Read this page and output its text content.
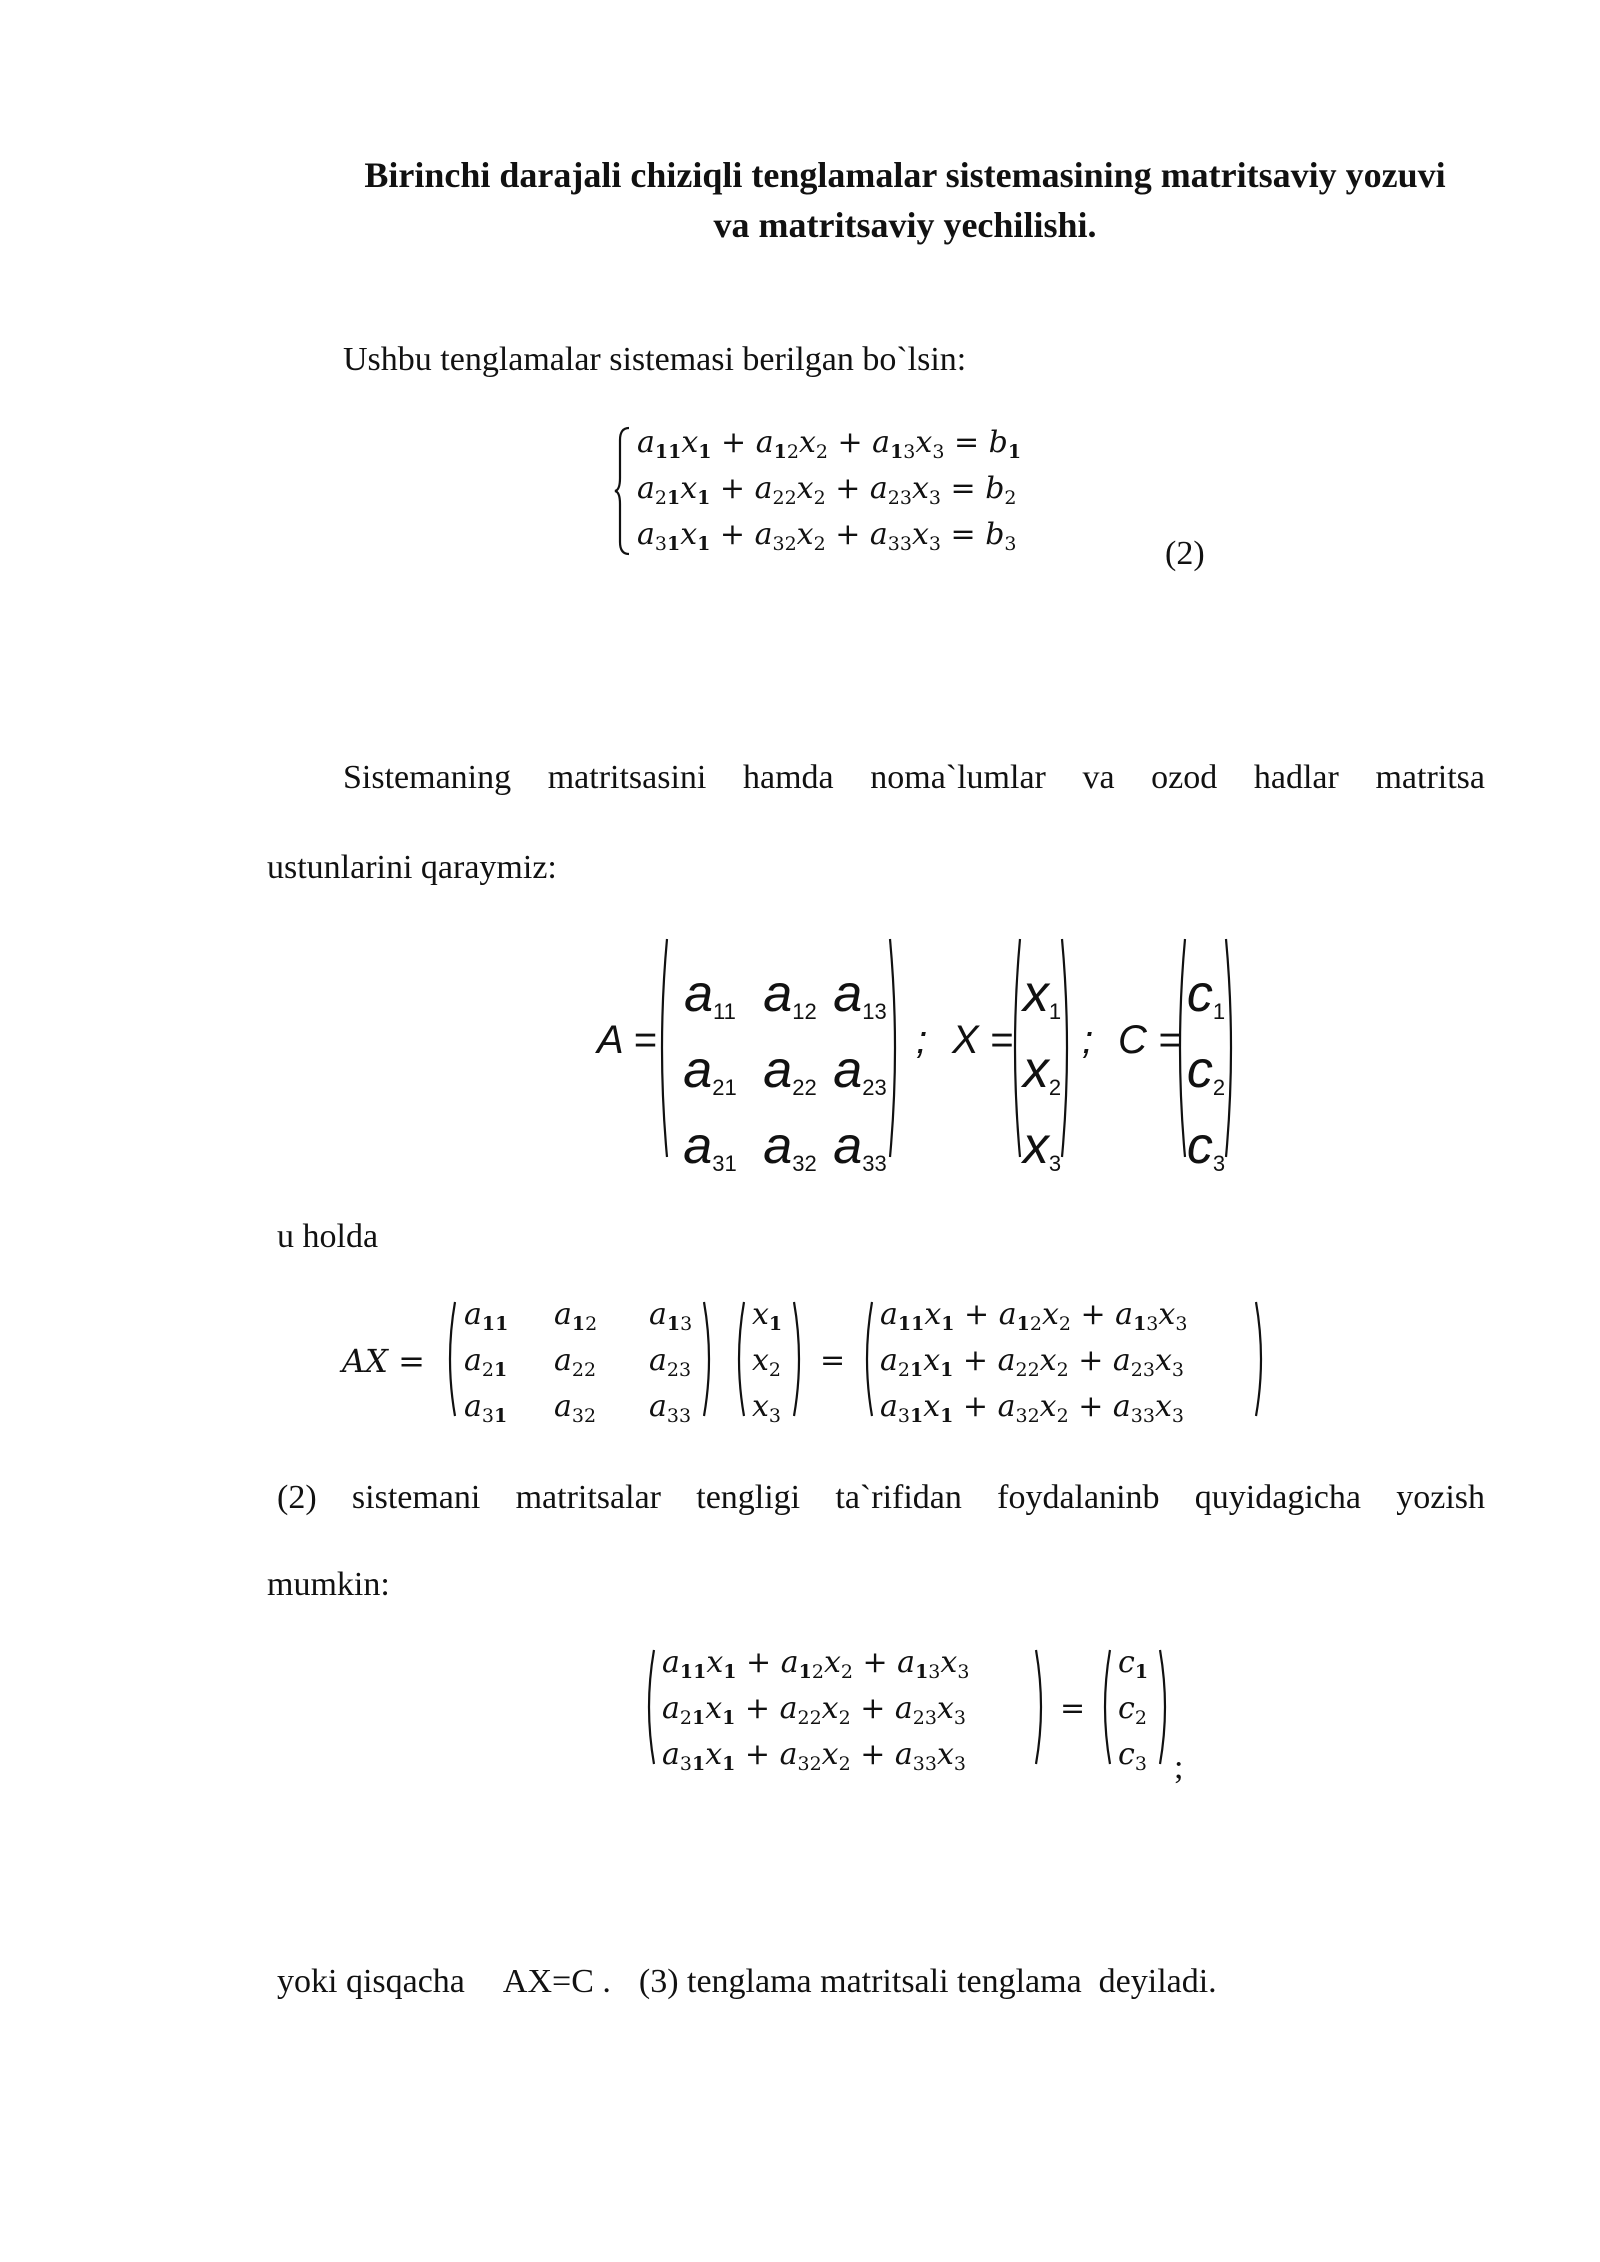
Birinchi darajali chiziqli tenglamalar sistemasining matritsaviy yozuvi
va matritsaviy yechilishi.
Ushbu tenglamalar sistemasi berilgan bo`lsin:
$a_{11}x_1 + a_{12}x_2 + a_{13}x_3 = b_1$
$a_{21}x_1 + a_{22}x_2 + a_{23}x_3 = b_2$
$a_{31}x_1 + a_{32}x_2 + a_{33}x_3 = b_3$	(2)
Sistemaning matritsasini hamda noma`lumlar va ozod hadlar matritsa
ustunlarini qaraymiz:
A =
$a_{11}$ $a_{12}$ $a_{13}$
$a_{21}$ $a_{22}$ $a_{23}$
$a_{31}$ $a_{32}$ $a_{33}$
; X =
$x_1$
$x_2$
$x_3$
; C =
$c_1$
$c_2$
$c_3$
u holda
AX =
$a_{11}$ $a_{12}$ $a_{13}$
$a_{21}$ $a_{22}$ $a_{23}$
$a_{31}$ $a_{32}$ $a_{33}$
$x_1$
$x_2$
$x_3$
=
$a_{11}x_1 + a_{12}x_2 + a_{13}x_3$
$a_{21}x_1 + a_{22}x_2 + a_{23}x_3$
$a_{31}x_1 + a_{32}x_2 + a_{33}x_3$
(2) sistemani matritsalar tengligi ta`rifidan foydalaninb quyidagicha yozish
mumkin:
$a_{11}x_1 + a_{12}x_2 + a_{13}x_3$
$a_{21}x_1 + a_{22}x_2 + a_{23}x_3$
$a_{31}x_1 + a_{32}x_2 + a_{33}x_3$
=
$c_1$
$c_2$
$c_3$ ;
yoki qisqacha AX=C . (3) tenglama matritsali tenglama  deyiladi.
